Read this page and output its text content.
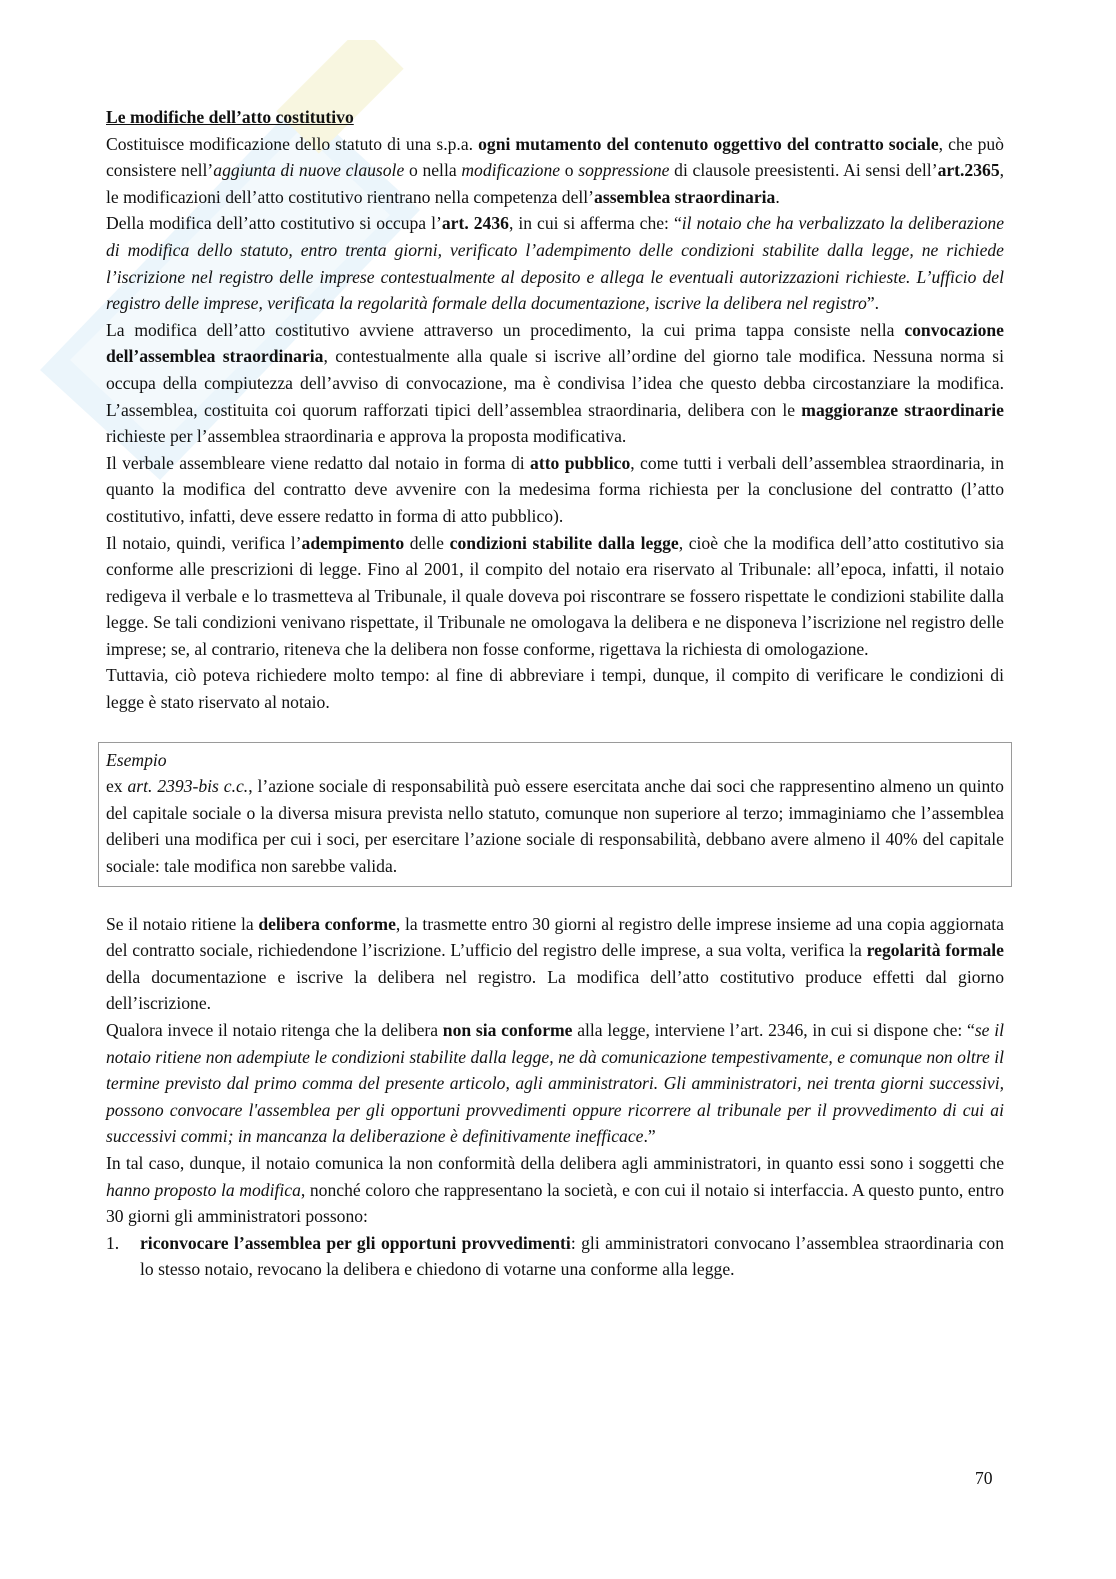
Le modifiche dell’atto costitutivo

Costituisce modificazione dello statuto di una s.p.a. ogni mutamento del contenuto oggettivo del contratto sociale, che può consistere nell’aggiunta di nuove clausole o nella modificazione o soppressione di clausole preesistenti. Ai sensi dell’art.2365, le modificazioni dell’atto costitutivo rientrano nella competenza dell’assemblea straordinaria.

Della modifica dell’atto costitutivo si occupa l’art. 2436, in cui si afferma che: “il notaio che ha verbalizzato la deliberazione di modifica dello statuto, entro trenta giorni, verificato l’adempimento delle condizioni stabilite dalla legge, ne richiede l’iscrizione nel registro delle imprese contestualmente al deposito e allega le eventuali autorizzazioni richieste. L’ufficio del registro delle imprese, verificata la regolarità formale della documentazione, iscrive la delibera nel registro”.

La modifica dell’atto costitutivo avviene attraverso un procedimento, la cui prima tappa consiste nella convocazione dell’assemblea straordinaria, contestualmente alla quale si iscrive all’ordine del giorno tale modifica. Nessuna norma si occupa della compiutezza dell’avviso di convocazione, ma è condivisa l’idea che questo debba circostanziare la modifica. L’assemblea, costituita coi quorum rafforzati tipici dell’assemblea straordinaria, delibera con le maggioranze straordinarie richieste per l’assemblea straordinaria e approva la proposta modificativa.

Il verbale assembleare viene redatto dal notaio in forma di atto pubblico, come tutti i verbali dell’assemblea straordinaria, in quanto la modifica del contratto deve avvenire con la medesima forma richiesta per la conclusione del contratto (l’atto costitutivo, infatti, deve essere redatto in forma di atto pubblico).

Il notaio, quindi, verifica l’adempimento delle condizioni stabilite dalla legge, cioè che la modifica dell’atto costitutivo sia conforme alle prescrizioni di legge. Fino al 2001, il compito del notaio era riservato al Tribunale: all’epoca, infatti, il notaio redigeva il verbale e lo trasmetteva al Tribunale, il quale doveva poi riscontrare se fossero rispettate le condizioni stabilite dalla legge. Se tali condizioni venivano rispettate, il Tribunale ne omologava la delibera e ne disponeva l’iscrizione nel registro delle imprese; se, al contrario, riteneva che la delibera non fosse conforme, rigettava la richiesta di omologazione.

Tuttavia, ciò poteva richiedere molto tempo: al fine di abbreviare i tempi, dunque, il compito di verificare le condizioni di legge è stato riservato al notaio.

Esempio

ex art. 2393-bis c.c., l’azione sociale di responsabilità può essere esercitata anche dai soci che rappresentino almeno un quinto del capitale sociale o la diversa misura prevista nello statuto, comunque non superiore al terzo; immaginiamo che l’assemblea deliberi una modifica per cui i soci, per esercitare l’azione sociale di responsabilità, debbano avere almeno il 40% del capitale sociale: tale modifica non sarebbe valida.

Se il notaio ritiene la delibera conforme, la trasmette entro 30 giorni al registro delle imprese insieme ad una copia aggiornata del contratto sociale, richiedendone l’iscrizione. L’ufficio del registro delle imprese, a sua volta, verifica la regolarità formale della documentazione e iscrive la delibera nel registro. La modifica dell’atto costitutivo produce effetti dal giorno dell’iscrizione.

Qualora invece il notaio ritenga che la delibera non sia conforme alla legge, interviene l’art. 2346, in cui si dispone che: “se il notaio ritiene non adempiute le condizioni stabilite dalla legge, ne dà comunicazione tempestivamente, e comunque non oltre il termine previsto dal primo comma del presente articolo, agli amministratori. Gli amministratori, nei trenta giorni successivi, possono convocare l'assemblea per gli opportuni provvedimenti oppure ricorrere al tribunale per il provvedimento di cui ai successivi commi; in mancanza la deliberazione è definitivamente inefficace.”

In tal caso, dunque, il notaio comunica la non conformità della delibera agli amministratori, in quanto essi sono i soggetti che hanno proposto la modifica, nonché coloro che rappresentano la società, e con cui il notaio si interfaccia. A questo punto, entro 30 giorni gli amministratori possono:

1. riconvocare l’assemblea per gli opportuni provvedimenti: gli amministratori convocano l’assemblea straordinaria con lo stesso notaio, revocano la delibera e chiedono di votarne una conforme alla legge.
70
